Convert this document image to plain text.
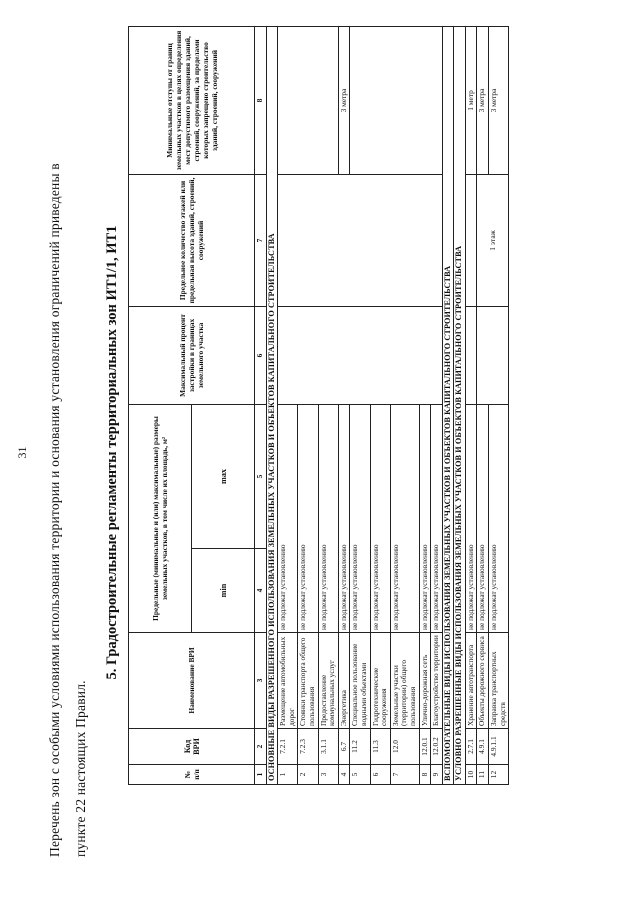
31	Перечень зон с особыми условиями использования территории и основания установления ограничений приведены в пункте 22 настоящих Правил.
5. Градостроительные регламенты территориальных зон ИТ1/1, ИТ1
№ п/п	Код ВРИ	Наименование ВРИ	Предельные (минимальные и (или) максимальные) размеры земельных участков, в том числе их площадь, м²		Максимальный процент застройки в границах земельного участка	Предельное количество этажей или предельная высота зданий, строений, сооружений	Минимальные отступы от границ земельных участков в целях определения мест допустимого размещения зданий, строений, сооружений, за пределами которых запрещено строительство зданий, строений, сооружений
			min	max			
1	2	3	4	5	6	7	8
ОСНОВНЫЕ ВИДЫ РАЗРЕШЕННОГО ИСПОЛЬЗОВАНИЯ ЗЕМЕЛЬНЫХ УЧАСТКОВ И ОБЪЕКТОВ КАПИТАЛЬНОГО СТРОИТЕЛЬСТВА							
1	7.2.1	Размещение автомобильных дорог	не подлежат установлению				
2	7.2.3	Стоянки транспорта общего пользования	не подлежат установлению				
3	3.1.1	Предоставление коммунальных услуг	не подлежат установлению				
4	6.7	Энергетика	не подлежат установлению				3 метра
5	11.2	Специальное пользование водными объектами	не подлежат установлению				
6	11.3	Гидротехнические сооружения	не подлежат установлению				
7	12.0	Земельные участки (территории) общего пользования	не подлежат установлению				
8	12.0.1	Улично-дорожная сеть	не подлежат установлению				
9	12.0.2	Благоустройство территории	не подлежат установлению				
ВСПОМОГАТЕЛЬНЫЕ ВИДЫ ИСПОЛЬЗОВАНИЯ ЗЕМЕЛЬНЫХ УЧАСТКОВ И ОБЪЕКТОВ КАПИТАЛЬНОГО СТРОИТЕЛЬСТВА							
УСЛОВНО РАЗРЕШЕННЫЕ ВИДЫ ИСПОЛЬЗОВАНИЯ ЗЕМЕЛЬНЫХ УЧАСТКОВ И ОБЪЕКТОВ КАПИТАЛЬНОГО СТРОИТЕЛЬСТВА							
10	2.7.1	Хранение автотранспорта	не подлежат установлению				1 метр
11	4.9.1	Объекты дорожного сервиса	не подлежат установлению			1 этаж	3 метра
12	4.9.1.1	Заправка транспортных средств	не подлежат установлению				3 метра
